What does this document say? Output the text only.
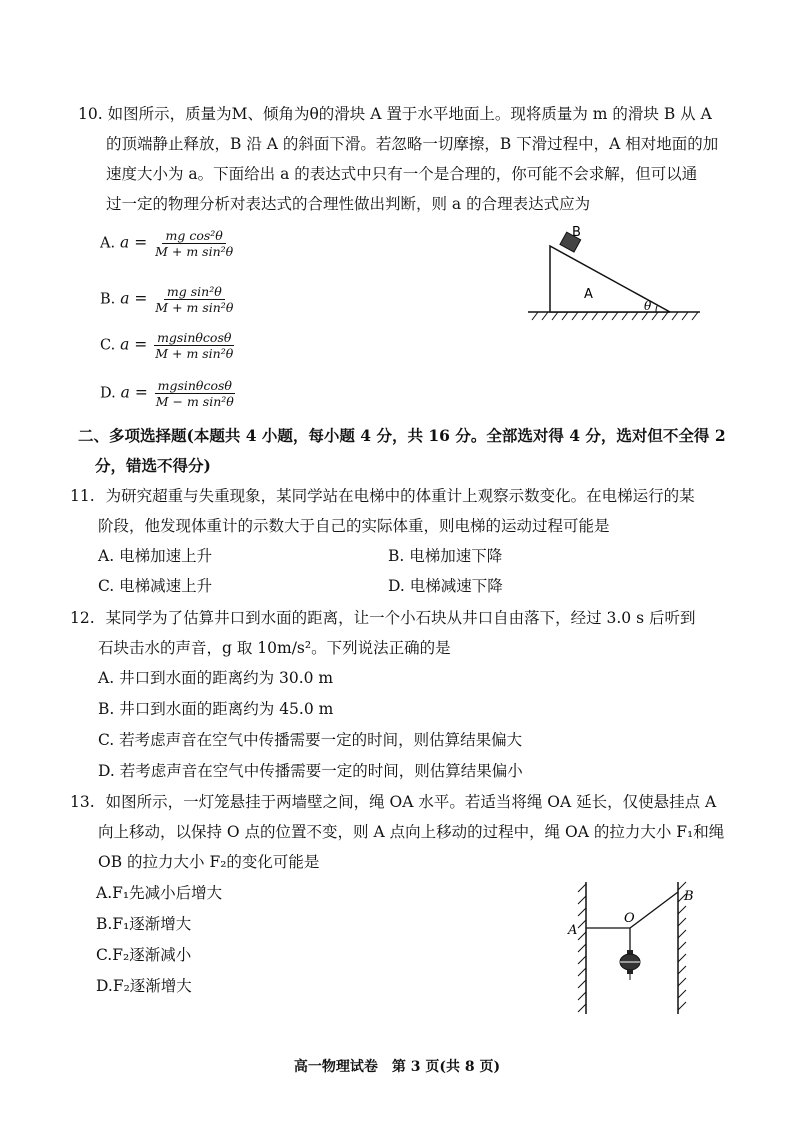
10. 如图所示，质量为M、倾角为θ的滑块 A 置于水平地面上。现将质量为 m 的滑块 B 从 A
的顶端静止释放，B 沿 A 的斜面下滑。若忽略一切摩擦，B 下滑过程中，A 相对地面的加
速度大小为 a。下面给出 a 的表达式中只有一个是合理的，你可能不会求解，但可以通
过一定的物理分析对表达式的合理性做出判断，则 a 的合理表达式应为
A. $a = \frac{\text{mg cos²θ}}{\text{M + m sin²θ}}$
B. $a = \frac{\text{mg sin²θ}}{\text{M + m sin²θ}}$
C. $a = \frac{mgsin\theta\cos\theta}{\text{M + m sin²θ}}$
D. $a = \frac{mgsin\theta\cos\theta}{\text{M − m sin²θ}}$
B
A
θ
二、多项选择题(本题共 4 小题，每小题 4 分，共 16 分。全部选对得 4 分，选对但不全得 2
分，错选不得分)
11. 为研究超重与失重现象，某同学站在电梯中的体重计上观察示数变化。在电梯运行的某
阶段，他发现体重计的示数大于自己的实际体重，则电梯的运动过程可能是
A. 电梯加速上升	B. 电梯加速下降
C. 电梯减速上升	D. 电梯减速下降
12. 某同学为了估算井口到水面的距离，让一个小石块从井口自由落下，经过 3.0 s 后听到
石块击水的声音，g 取 10m/s²。下列说法正确的是
A. 井口到水面的距离约为 30.0 m
B. 井口到水面的距离约为 45.0 m
C. 若考虑声音在空气中传播需要一定的时间，则估算结果偏大
D. 若考虑声音在空气中传播需要一定的时间，则估算结果偏小
13. 如图所示，一灯笼悬挂于两墙壁之间，绳 OA 水平。若适当将绳 OA 延长，仅使悬挂点 A
向上移动，以保持 O 点的位置不变，则 A 点向上移动的过程中，绳 OA 的拉力大小 F₁和绳
OB 的拉力大小 F₂的变化可能是
A.F₁先减小后增大
B.F₁逐渐增大
C.F₂逐渐减小
D.F₂逐渐增大
A
O
B
高一物理试卷　第 3 页(共 8 页)
